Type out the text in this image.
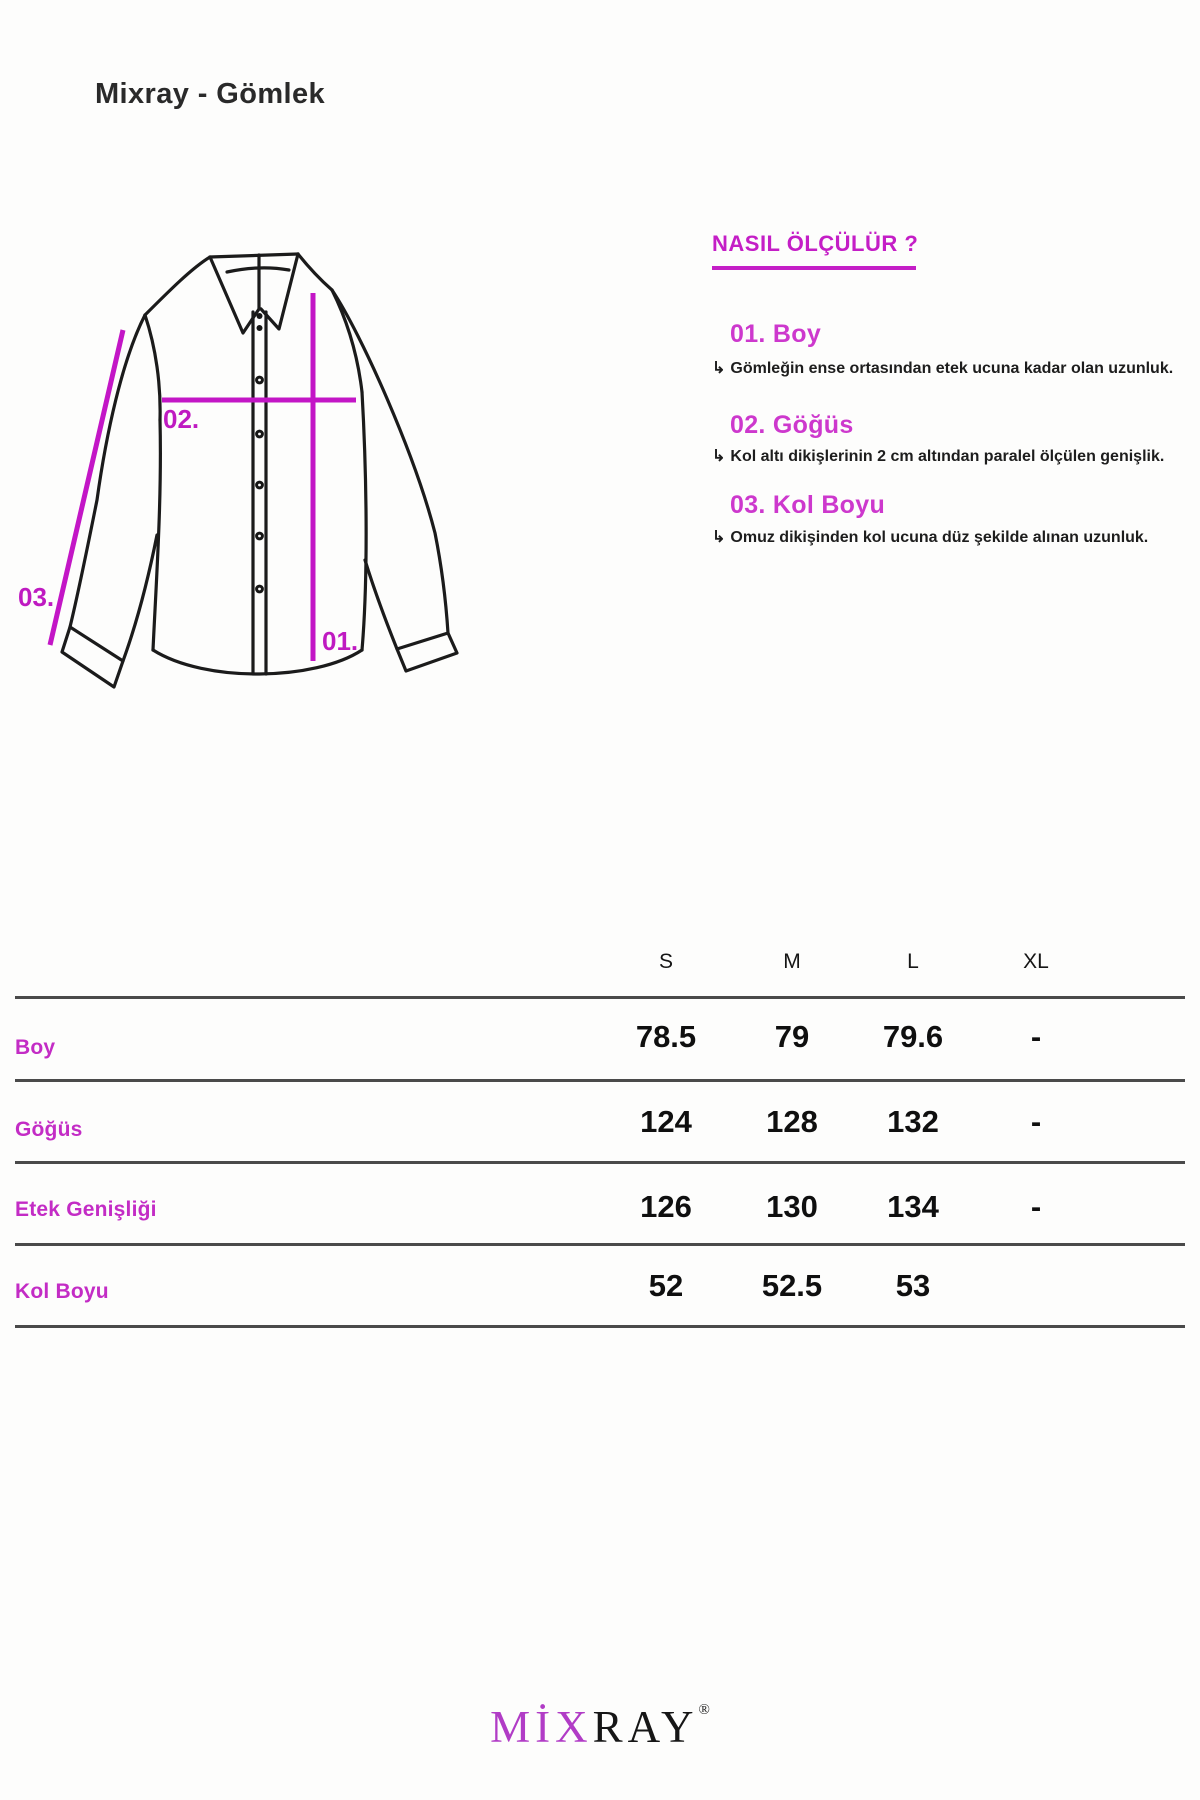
Mixray - Gömlek
02.
01.
03.
NASIL ÖLÇÜLÜR ?
01. Boy
↳ Gömleğin ense ortasından etek ucuna kadar olan uzunluk.
02. Göğüs
↳ Kol altı dikişlerinin 2 cm altından paralel ölçülen genişlik.
03. Kol Boyu
↳ Omuz dikişinden kol ucuna düz şekilde alınan uzunluk.
S	M	L	XL
Boy	78.5	79	79.6	-
Göğüs	124	128	132	-
Etek Genişliği	126	130	134	-
Kol Boyu	52	52.5	53
MİXRAY®
